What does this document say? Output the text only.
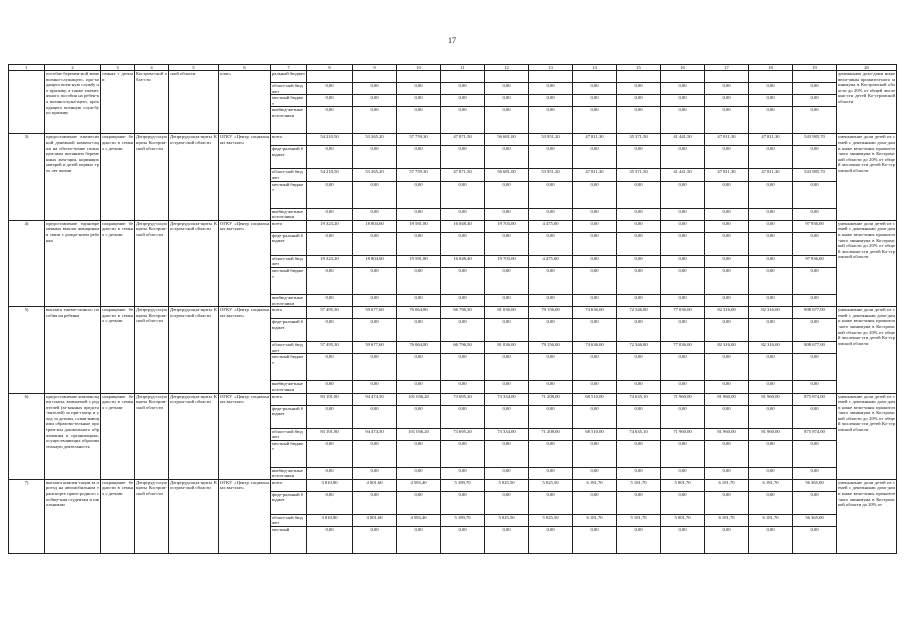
17
1	2	3	4	5	6	7	8	9	10	11	12	13	14	15	16	17	18	19	20
	пособие беремен-ной жене военно-служащего, про-ходящего воен-ную службу по призыву, а также ежемесячного пособия на ребен-ка военнослужа-щего, проходящего военную служ-бу по призыву	семьях с детьми	Костром-ской обла-сти	ской области	плат»	ральный бюджет													денежными дохо-дами ниже вели-чины прожиточ-ного минимума в Костромской области до 20% от общей численно-сти детей Ко-стромской области
						област-ной бюджет	0,00	0,00	0,00	0,00	0,00	0,00	0,00	0,00	0,00	0,00	0,00	0,00	
						местный бюджет	0,00	0,00	0,00	0,00	0,00	0,00	0,00	0,00	0,00	0,00	0,00	0,00	
						внебюд-жетные источ-ники	0,00	0,00	0,00	0,00	0,00	0,00	0,00	0,00	0,00	0,00	0,00	0,00	
3)	предоставление ежемесячной денежной компен-сации на обеспе-чение полноцен-ным питанием беременных жен-щин, кормящих матерей и детей первых трех лет жизни	сокращение бедности в семьях с детьми	Депртруд-соцзащиты Костром-ской обла-сти	Депртрудсоцза-щиты Костром-ской области	ОГКУ «Центр социальных вы-плат»	всего	54 210,50	53 265,20	57 759,30	47 871,50	56 681,00	53 951,20	47 811,30	35 371,50	41 441,50	47 811,30	47 811,30	543 985,70	уменьшение доли детей из семей с денежными дохо-дами ниже вели-чины прожиточ-ного минимума в Костромской области до 20% от общей численно-сти детей Ко-стромской области
						феде-ральный бюджет	0,00	0,00	0,00	0,00	0,00	0,00	0,00	0,00	0,00	0,00	0,00	0,00	
						област-ной бюджет	54 210,50	53 265,20	57 759,30	47 871,50	56 681,00	53 951,20	47 811,30	35 371,50	41 441,50	47 811,30	47 811,30	543 985,70	
						местный бюджет	0,00	0,00	0,00	0,00	0,00	0,00	0,00	0,00	0,00	0,00	0,00	0,00	
						внебюд-жетные источ-ники	0,00	0,00	0,00	0,00	0,00	0,00	0,00	0,00	0,00	0,00	0,00	0,00	
4)	предоставление единовременных выплат женщинам в связи с рожде-нием ребенка	сокращение бедности в семьях с детьми	Депртруд-соцзащиты Костром-ской обла-сти	Депртрудсоцза-щиты Костром-ской области	ОГКУ «Центр социальных вы-плат»	всего	19 323,20	18 804,60	19 581,80	16 048,40	19 703,00	4 475,00	0,00	0,00	0,00	0,00	0,00	97 936,00	уменьшение доли детей из семей с денежными дохо-дами ниже вели-чины прожиточ-ного минимума в Костромской области до 20% от общей численно-сти детей Ко-стромской области
						феде-ральный бюджет	0,00	0,00	0,00	0,00	0,00	0,00	0,00	0,00	0,00	0,00	0,00	0,00	
						област-ной бюджет	19 323,20	18 804,60	19 581,80	16 048,40	19 703,00	4 475,00	0,00	0,00	0,00	0,00	0,00	97 936,00	
						местный бюджет	0,00	0,00	0,00	0,00	0,00	0,00	0,00	0,00	0,00	0,00	0,00	0,00	
						внебюд-жетные источ-ники	0,00	0,00	0,00	0,00	0,00	0,00	0,00	0,00	0,00	0,00	0,00	0,00	
5)	выплата ежеме-сячного пособия на ребенка	сокращение бедности в семьях с детьми	Депртруд-соцзащиты Костром-ской обла-сти	Депртрудсоцза-щиты Костром-ской области	ОГКУ «Центр социальных вы-плат»	всего	57 495,30	59 677,60	76 064,80	66 796,50	81 036,00	79 156,00	74 636,00	72 346,80	77 036,00	82 316,00	82 316,00	808 677,00	уменьшение доли детей из семей с денежными дохо-дами ниже вели-чины прожиточ-ного минимума в Костромской области до 20% от общей численно-сти детей Ко-стромской области
						феде-ральный бюджет	0,00	0,00	0,00	0,00	0,00	0,00	0,00	0,00	0,00	0,00	0,00	0,00	
						област-ной бюджет	57 495,30	59 677,60	76 064,80	66 796,50	81 036,00	79 156,00	74 636,00	72 346,80	77 036,00	82 316,00	82 316,00	808 677,00	
						местный бюджет	0,00	0,00	0,00	0,00	0,00	0,00	0,00	0,00	0,00	0,00	0,00	0,00	
						внебюд-жетные источ-ники	0,00	0,00	0,00	0,00	0,00	0,00	0,00	0,00	0,00	0,00	0,00	0,00	
6)	предоставление компенсации платы, взимаемой с родителей (за-конных предста-вителей) за при-смотр и уход за детьми, осваи-вающими образова-тельные програм-мы дошкольного образования в организациях, осуществляющих образовательную деятельность	сокращение бедности в семьях с детьми	Депртруд-соцзащиты Костром-ской обла-сти	Депртрудсоцза-щиты Костром-ской области	ОГКУ «Центр социальных вы-плат»	всего	83 101,80	94 474,50	101 036,20	73 695,20	73 334,00	71 208,00	68 510,00	74 635,10	71 960,00	81 960,00	81 960,00	875 874,00	уменьшение доли детей из семей с денежными дохо-дами ниже вели-чины прожиточ-ного минимума в Костромской области до 20% от общей численно-сти детей Ко-стромской области
						феде-ральный бюджет	0,00	0,00	0,00	0,00	0,00	0,00	0,00	0,00	0,00	0,00	0,00	0,00	
						област-ной бюджет	83 101,80	94 474,50	101 036,20	73 695,20	73 334,00	71 208,00	68 510,00	74 635,10	71 960,00	81 960,00	81 960,00	875 874,00	
						местный бюджет	0,00	0,00	0,00	0,00	0,00	0,00	0,00	0,00	0,00	0,00	0,00	0,00	
						внебюд-жетные источ-ники	0,00	0,00	0,00	0,00	0,00	0,00	0,00	0,00	0,00	0,00	0,00	0,00	
7)	выплата компен-сации за проезд на автомобильном транспорте приго-родного сообще-ния студентам и школьникам	сокращение бедности в семьях с детьми	Депртруд-соцзащиты Костром-ской обла-сти	Депртрудсоцза-щиты Костром-ской области	ОГКУ «Центр социальных вы-плат»	всего	3 810,80	4 001,60	4 583,40	5 189,70	5 025,50	5 025,50	6 181,70	5 181,70	5 001,70	6 181,70	6 181,70	56 365,00	уменьшение доли детей из семей с денежными дохо-дами ниже вели-чины прожиточ-ного минимума в Костромской области до 20% от
						феде-ральный бюджет	0,00	0,00	0,00	0,00	0,00	0,00	0,00	0,00	0,00	0,00	0,00	0,00	
						област-ной бюджет	3 810,80	4 001,60	4 583,40	5 189,70	5 025,50	5 025,50	6 181,70	5 181,70	5 001,70	6 181,70	6 181,70	56 365,00	
						местный	0,00	0,00	0,00	0,00	0,00	0,00	0,00	0,00	0,00	0,00	0,00	0,00	
